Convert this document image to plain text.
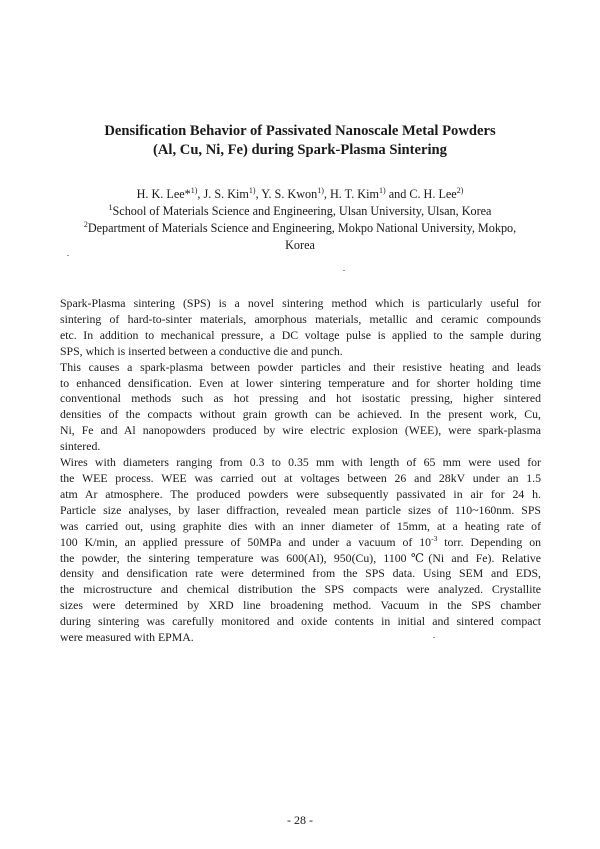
Densification Behavior of Passivated Nanoscale Metal Powders
(Al, Cu, Ni, Fe) during Spark-Plasma Sintering
H. K. Lee*$^{1)}$, J. S. Kim$^{1)}$, Y. S. Kwon$^{1)}$, H. T. Kim$^{1)}$ and C. H. Lee$^{2)}$
$^1$School of Materials Science and Engineering, Ulsan University, Ulsan, Korea
$^2$Department of Materials Science and Engineering, Mokpo National University, Mokpo,
Korea
Spark-Plasma sintering (SPS) is a novel sintering method which is particularly useful for
sintering of hard-to-sinter materials, amorphous materials, metallic and ceramic compounds
etc. In addition to mechanical pressure, a DC voltage pulse is applied to the sample during
SPS, which is inserted between a conductive die and punch.
This causes a spark-plasma between powder particles and their resistive heating and leads
to enhanced densification. Even at lower sintering temperature and for shorter holding time
conventional methods such as hot pressing and hot isostatic pressing, higher sintered
densities of the compacts without grain growth can be achieved. In the present work, Cu,
Ni, Fe and Al nanopowders produced by wire electric explosion (WEE), were spark-plasma
sintered.
Wires with diameters ranging from 0.3 to 0.35 mm with length of 65 mm were used for
the WEE process. WEE was carried out at voltages between 26 and 28kV under an 1.5
atm Ar atmosphere. The produced powders were subsequently passivated in air for 24 h.
Particle size analyses, by laser diffraction, revealed mean particle sizes of 110~160nm. SPS
was carried out, using graphite dies with an inner diameter of 15mm, at a heating rate of
100 K/min, an applied pressure of 50MPa and under a vacuum of $10^{-3}$ torr. Depending on
the powder, the sintering temperature was 600(Al), 950(Cu), 1100℃(Ni and Fe). Relative
density and densification rate were determined from the SPS data. Using SEM and EDS,
the microstructure and chemical distribution the SPS compacts were analyzed. Crystallite
sizes were determined by XRD line broadening method. Vacuum in the SPS chamber
during sintering was carefully monitored and oxide contents in initial and sintered compact
were measured with EPMA.
- 28 -
